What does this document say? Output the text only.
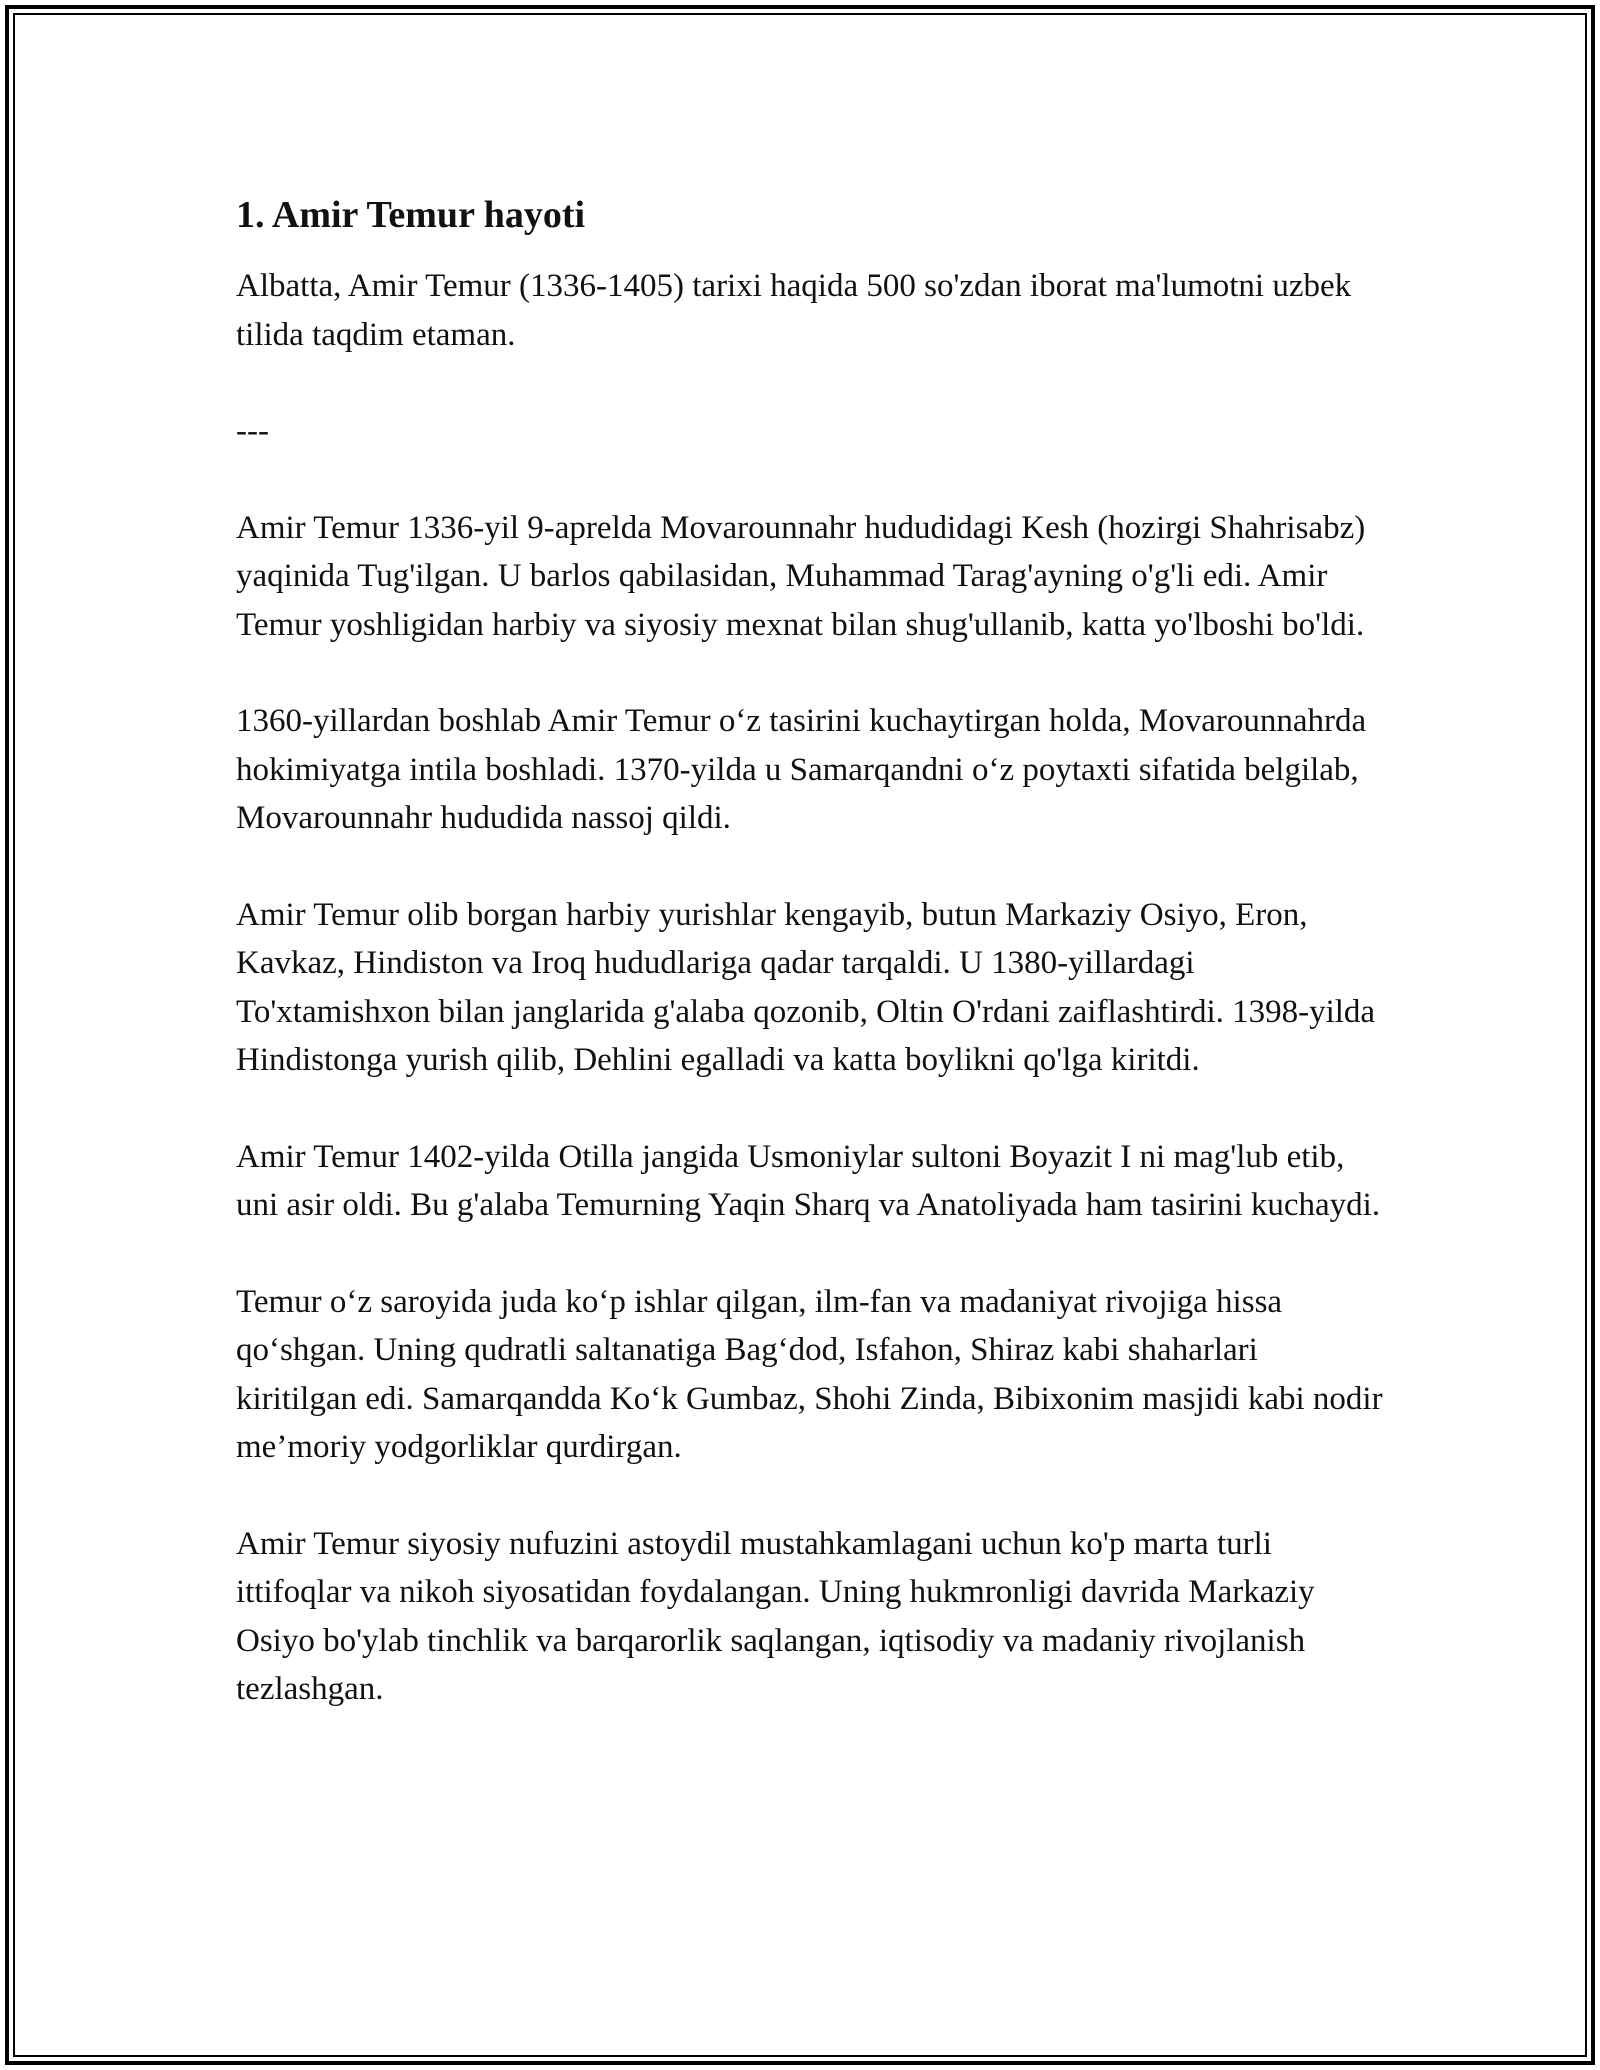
1. Amir Temur hayoti

Albatta, Amir Temur (1336-1405) tarixi haqida 500 so'zdan iborat ma'lumotni uzbek tilida taqdim etaman.

---

Amir Temur 1336-yil 9-aprelda Movarounnahr hududidagi Kesh (hozirgi Shahrisabz) yaqinida Tug'ilgan. U barlos qabilasidan, Muhammad Tarag'ayning o'g'li edi. Amir Temur yoshligidan harbiy va siyosiy mexnat bilan shug'ullanib, katta yo'lboshi bo'ldi.

1360-yillardan boshlab Amir Temur o‘z tasirini kuchaytirgan holda, Movarounnahrda hokimiyatga intila boshladi. 1370-yilda u Samarqandni o‘z poytaxti sifatida belgilab, Movarounnahr hududida nassoj qildi.

Amir Temur olib borgan harbiy yurishlar kengayib, butun Markaziy Osiyo, Eron, Kavkaz, Hindiston va Iroq hududlariga qadar tarqaldi. U 1380-yillardagi To'xtamishxon bilan janglarida g'alaba qozonib, Oltin O'rdani zaiflashtirdi. 1398-yilda Hindistonga yurish qilib, Dehlini egalladi va katta boylikni qo'lga kiritdi.

Amir Temur 1402-yilda Otilla jangida Usmoniylar sultoni Boyazit I ni mag'lub etib, uni asir oldi. Bu g'alaba Temurning Yaqin Sharq va Anatoliyada ham tasirini kuchaydi.

Temur o‘z saroyida juda ko‘p ishlar qilgan, ilm-fan va madaniyat rivojiga hissa qo‘shgan. Uning qudratli saltanatiga Bag‘dod, Isfahon, Shiraz kabi shaharlari kiritilgan edi. Samarqandda Ko‘k Gumbaz, Shohi Zinda, Bibixonim masjidi kabi nodir me’moriy yodgorliklar qurdirgan.

Amir Temur siyosiy nufuzini astoydil mustahkamlagani uchun ko'p marta turli ittifoqlar va nikoh siyosatidan foydalangan. Uning hukmronligi davrida Markaziy Osiyo bo'ylab tinchlik va barqarorlik saqlangan, iqtisodiy va madaniy rivojlanish tezlashgan.
